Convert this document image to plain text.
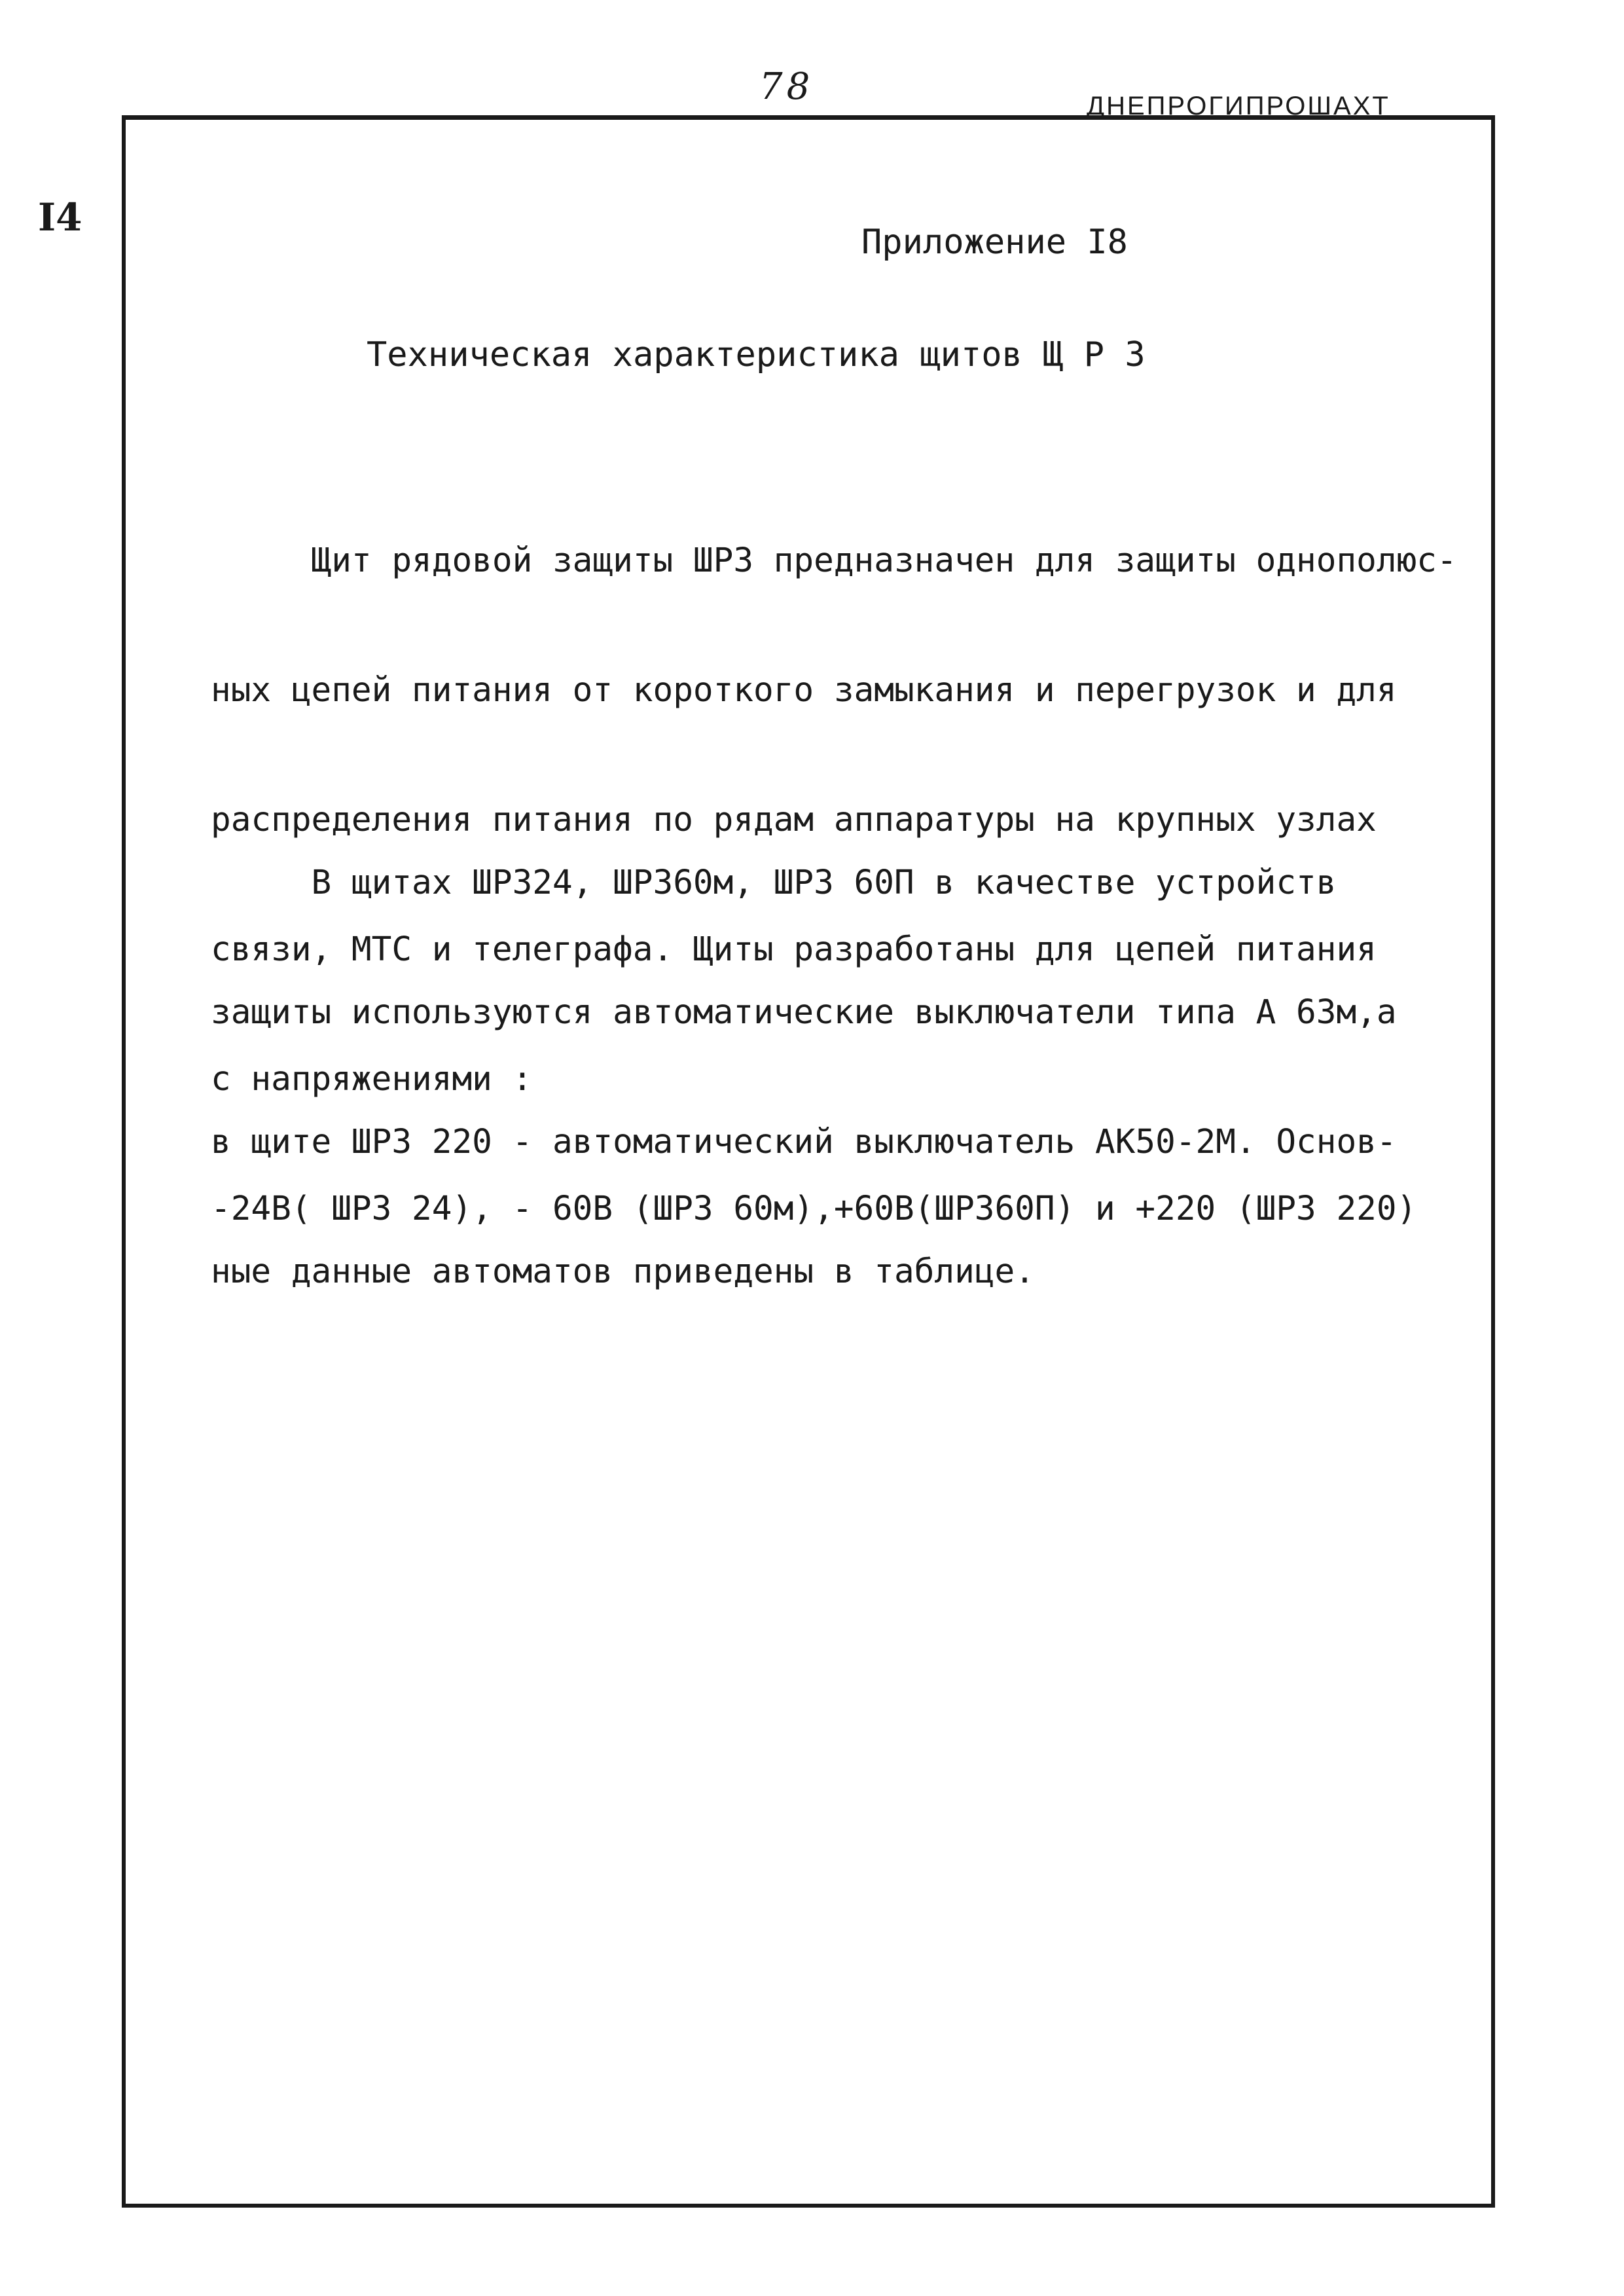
78	ДНЕПРОГИПРОШАХТ
I4
Приложение I8
Техническая характеристика щитов Щ Р З

Щит рядовой защиты ШРЗ предназначен для защиты однополюс-

ных цепей питания от короткого замыкания и перегрузок и для

распределения питания по рядам аппаратуры на крупных узлах

связи, МТС и телеграфа. Щиты разработаны для цепей питания

с напряжениями :

-24В( ШРЗ 24), - 60В (ШРЗ 60м),+60В(ШРЗ60П) и +220 (ШРЗ 220)

В щитах ШРЗ24, ШРЗ60м, ШРЗ 60П в качестве устройств

защиты используются автоматические выключатели типа А 63м,а

в щите ШРЗ 220 - автоматический выключатель АК50-2М. Основ-

ные данные автоматов приведены в таблице.
